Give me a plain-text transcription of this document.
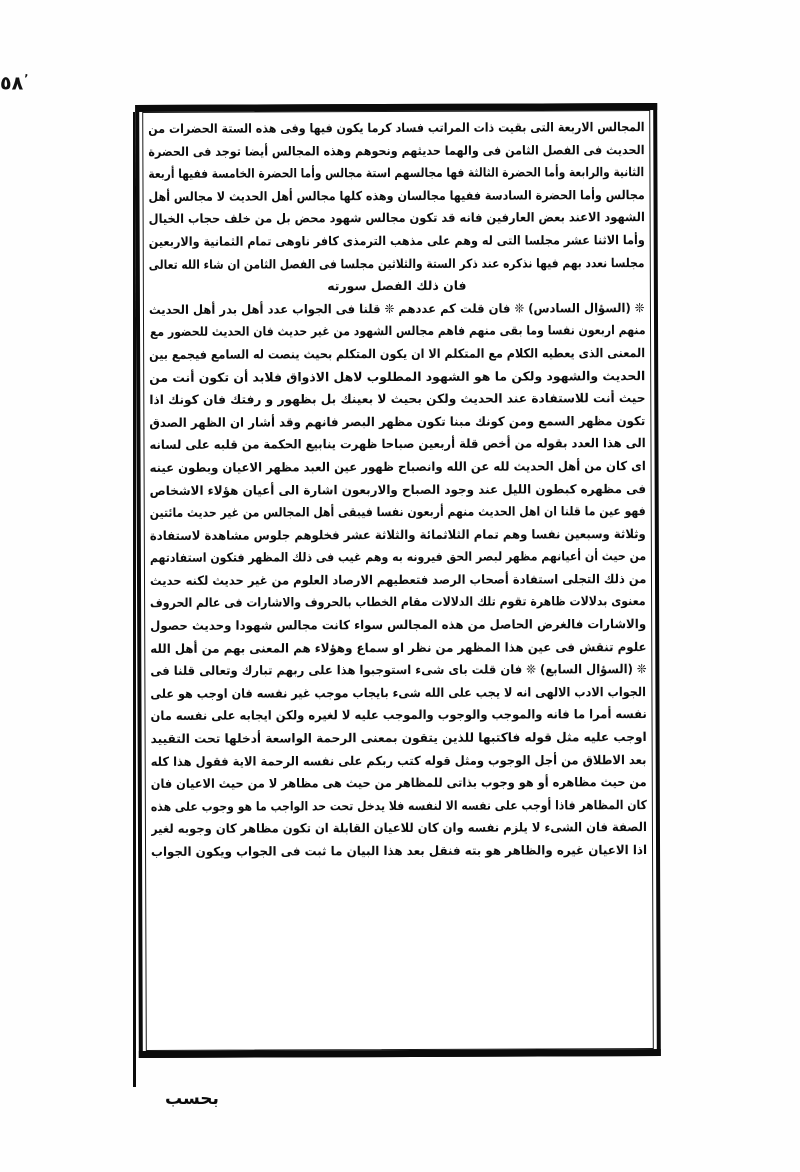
٬٥٨
المجالس الاربعة التى بقيت ذات المراتب فساد كرما يكون فيها وفى هذه الستة الحضرات من
الحديث فى الفصل الثامن فى والهما حديثهم ونحوهم وهذه المجالس أيضا توجد فى الحضرة
الثانية والرابعة وأما الحضرة الثالثة فها مجالسهم استة مجالس وأما الحضرة الخامسة ففيها أربعة
مجالس وأما الحضرة السادسة ففيها مجالسان وهذه كلها مجالس أهل الحديث لا مجالس أهل
الشهود الاعند بعض العارفين فانه قد تكون مجالس شهود محض بل من خلف حجاب الخيال
وأما الاثنا عشر مجلسا التى له وهم على مذهب الترمذى كافر ناوهى تمام الثمانية والاربعين
مجلسا نعدد بهم فيها نذكره عند ذكر الستة والثلاثين مجلسا فى الفصل الثامن ان شاء الله تعالى
فان ذلك الفصل سورته
❊ (السؤال السادس) ❊ فان قلت كم عددهم ❊ قلنا فى الجواب عدد أهل بدر أهل الحديث
منهم اربعون نفسا وما بقى منهم فاهم مجالس الشهود من غير حديث فان الحديث للحضور مع
المعنى الذى يعطيه الكلام مع المتكلم الا ان يكون المتكلم بحيث ينصت له السامع فيجمع بين
الحديث والشهود ولكن ما هو الشهود المطلوب لاهل الاذواق فلابد أن تكون أنت من
حيث أنت للاستفادة عند الحديث ولكن بحيث لا بعينك بل بظهور و رفتك فان كونك اذا
تكون مظهر السمع ومن كونك مبنا تكون مظهر البصر فانهم وقد أشار ان الظهر الصدق
الى هذا العدد بقوله من أخص قلة أربعين صباحا ظهرت ينابيع الحكمة من قلبه على لسانه
اى كان من أهل الحديث لله عن الله وانصباح ظهور عين العبد مظهر الاعيان وبطون عينه
فى مظهره كبطون الليل عند وجود الصباح والاربعون اشارة الى أعيان هؤلاء الاشخاص
فهو عين ما قلنا ان اهل الحديث منهم أربعون نفسا فيبقى أهل المجالس من غير حديث مائتين
وثلاثة وسبعين نفسا وهم تمام الثلاثمائة والثلاثة عشر فخلوهم جلوس مشاهدة لاستفادة
من حيث أن أعيانهم مظهر لبصر الحق فيرونه به وهم غيب فى ذلك المظهر فتكون استفادتهم
من ذلك التجلى استفادة أصحاب الرصد فتعطيهم الارصاد العلوم من غير حديث لكنه حديث
معنوى بدلالات ظاهرة تقوم تلك الدلالات مقام الخطاب بالحروف والاشارات فى عالم الحروف
والاشارات فالغرض الحاصل من هذه المجالس سواء كانت مجالس شهودا وحديث حصول
علوم تنقش فى عين هذا المظهر من نظر او سماع وهؤلاء هم المعنى بهم من أهل الله
❊ (السؤال السابع) ❊ فان قلت باى شىء استوجبوا هذا على ربهم تبارك وتعالى قلنا فى
الجواب الادب الالهى انه لا يجب على الله شىء بايجاب موجب غير نفسه فان اوجب هو على
نفسه أمرا ما فانه والموجب والوجوب والموجب عليه لا لغيره ولكن ايجابه على نفسه مان
اوجب عليه مثل قوله فاكتبها للذين يتقون بمعنى الرحمة الواسعة أدخلها تحت التقييد
بعد الاطلاق من أجل الوجوب ومثل قوله كتب ربكم على نفسه الرحمة الاية فقول هذا كله
من حيث مظاهره أو هو وجوب بذاتى للمظاهر من حيث هى مظاهر لا من حيث الاعيان فان
كان المظاهر فاذا أوجب على نفسه الا لنفسه فلا يدخل تحت حد الواجب ما هو وجوب على هذه
الصفة فان الشىء لا يلزم نفسه وان كان للاعيان القابلة ان تكون مظاهر كان وجوبه لغير
اذا الاعيان غيره والظاهر هو بته فنقل بعد هذا البيان ما ثبت فى الجواب ويكون الجواب
بحسب
